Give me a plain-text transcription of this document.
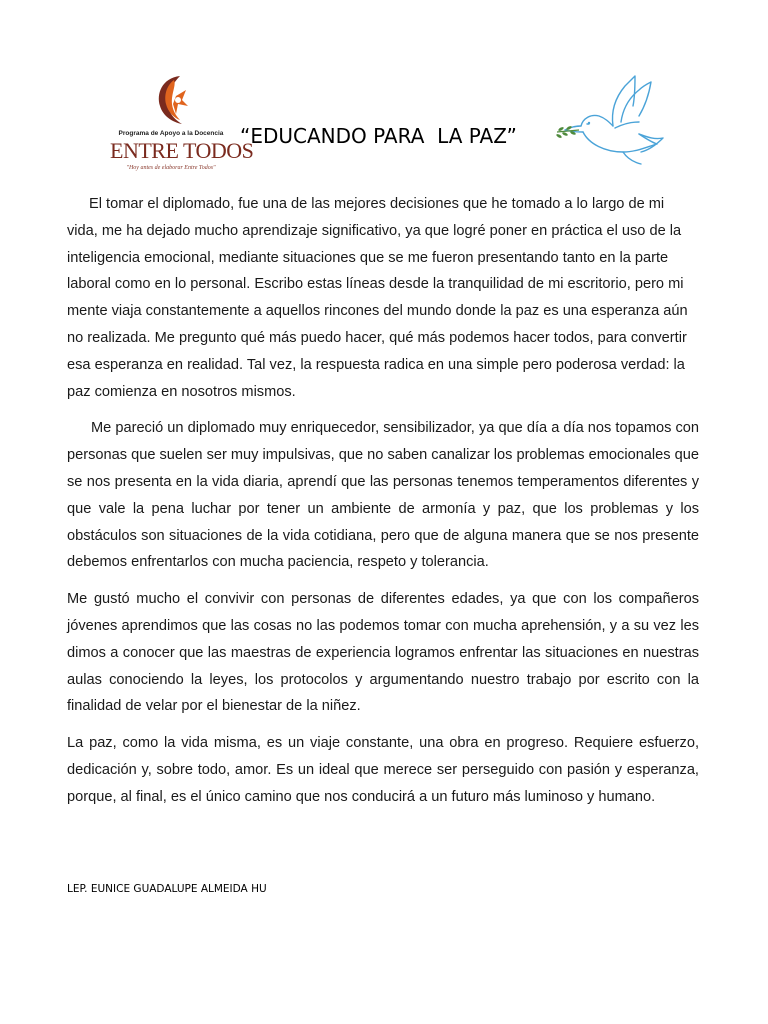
Programa de Apoyo a la Docencia
ENTRE TODOS
"Hoy antes de elaborar Entre Todos"
“EDUCANDO PARA  LA PAZ”

El tomar el diplomado, fue una de las mejores decisiones que he tomado a lo largo de mi vida, me ha dejado mucho aprendizaje significativo, ya que logré poner en práctica el uso de la inteligencia emocional, mediante situaciones que se me fueron presentando tanto en la parte laboral como en lo personal. Escribo estas líneas desde la tranquilidad de mi escritorio, pero mi mente viaja constantemente a aquellos rincones del mundo donde la paz es una esperanza aún no realizada. Me pregunto qué más puedo hacer, qué más podemos hacer todos, para convertir esa esperanza en realidad. Tal vez, la respuesta radica en una simple pero poderosa verdad: la paz comienza en nosotros mismos.

Me pareció un diplomado muy enriquecedor, sensibilizador, ya que día a día nos topamos con personas que suelen ser muy impulsivas, que no saben canalizar los problemas emocionales que se nos presenta en la vida diaria, aprendí que las personas tenemos temperamentos diferentes y que vale la pena luchar por tener un ambiente de armonía y paz, que los problemas y los obstáculos son situaciones de la vida cotidiana, pero que de alguna manera que se nos presente debemos enfrentarlos con mucha paciencia, respeto y tolerancia.

Me gustó mucho el convivir con personas de diferentes edades, ya que con los compañeros jóvenes aprendimos que las cosas no las podemos tomar con mucha aprehensión, y a su vez les dimos a conocer que las maestras de experiencia logramos enfrentar las situaciones en nuestras aulas conociendo la leyes, los protocolos y argumentando nuestro trabajo por escrito con la finalidad de velar por el bienestar de la niñez.

La paz, como la vida misma, es un viaje constante, una obra en progreso. Requiere esfuerzo, dedicación y, sobre todo, amor. Es un ideal que merece ser perseguido con pasión y esperanza, porque, al final, es el único camino que nos conducirá a un futuro más luminoso y humano.

LEP. EUNICE GUADALUPE ALMEIDA HU
